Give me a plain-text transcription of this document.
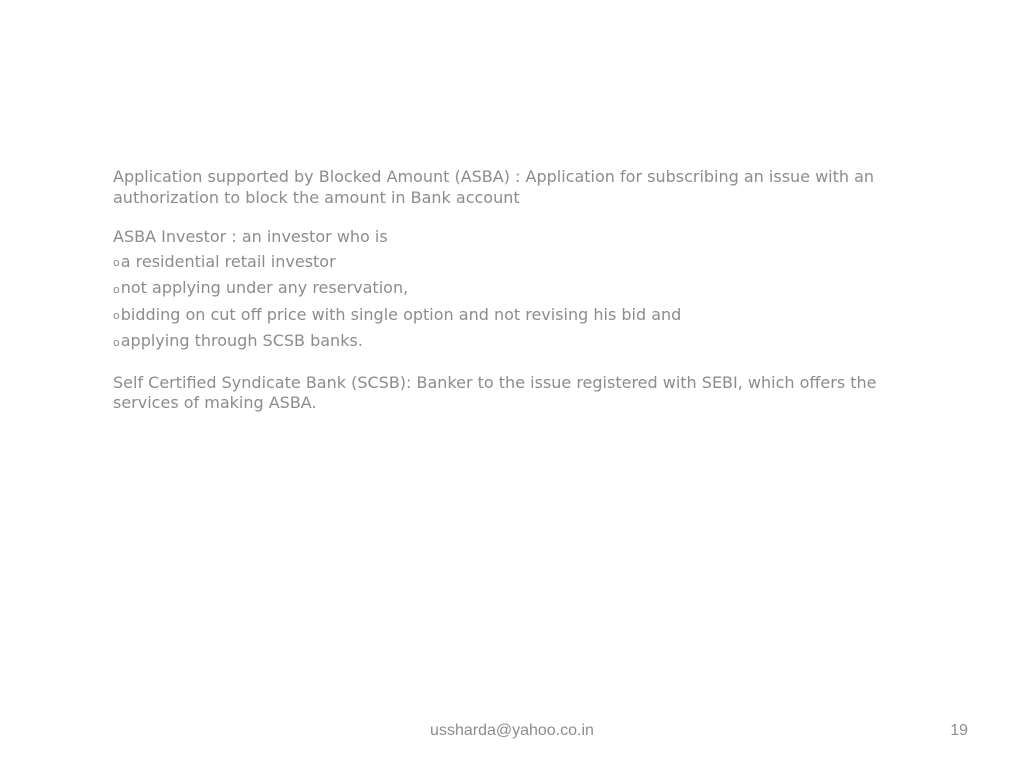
Application supported by Blocked Amount (ASBA) : Application for subscribing an issue with an
authorization to block the amount in Bank account
ASBA Investor : an investor who is
oa residential retail investor
onot applying under any reservation,
obidding on cut off price with single option and not revising his bid and
oapplying through SCSB banks.
Self Certified Syndicate Bank (SCSB): Banker to the issue registered with SEBI, which offers the
services of making ASBA.
ussharda@yahoo.co.in	19
